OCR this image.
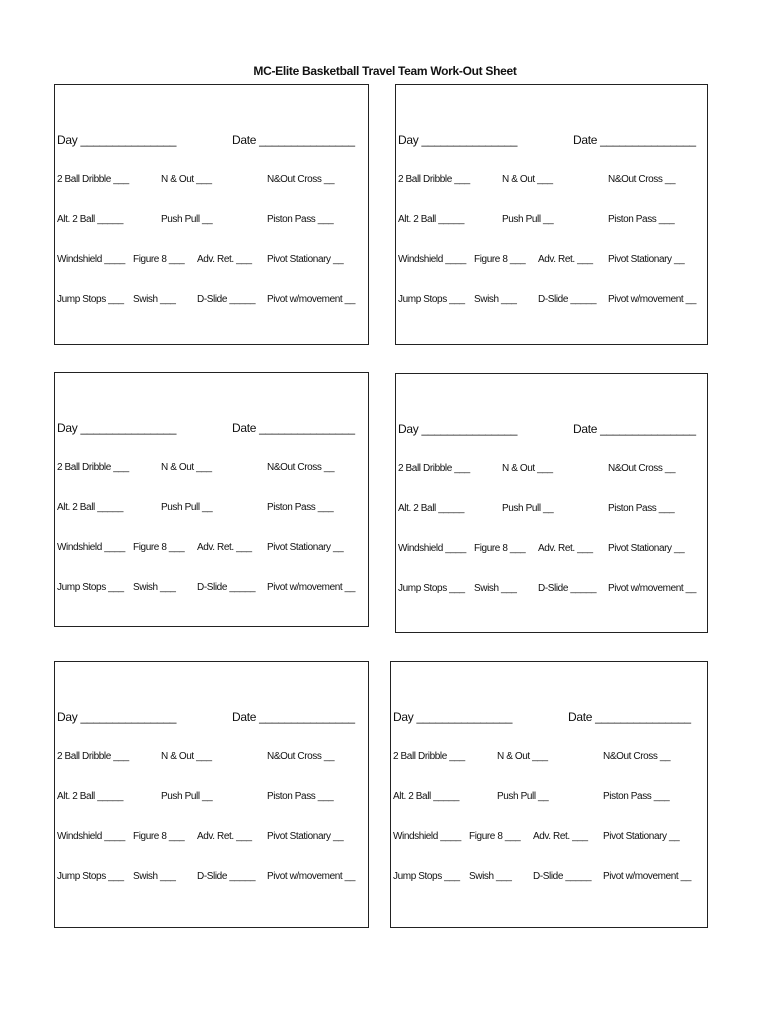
MC-Elite Basketball Travel Team Work-Out Sheet
Day _______________	Date _______________
2 Ball Dribble ___	N & Out ___	N&Out Cross __
Alt. 2 Ball _____	Push Pull __	Piston Pass ___
Windshield ____ Figure 8 ___ Adv. Ret. ___ Pivot Stationary __
Jump Stops ___ Swish ___ D-Slide _____ Pivot w/movement __
Day _______________	Date _______________
2 Ball Dribble ___	N & Out ___	N&Out Cross __
Alt. 2 Ball _____	Push Pull __	Piston Pass ___
Windshield ____ Figure 8 ___ Adv. Ret. ___ Pivot Stationary __
Jump Stops ___ Swish ___ D-Slide _____ Pivot w/movement __
Day _______________	Date _______________
2 Ball Dribble ___	N & Out ___	N&Out Cross __
Alt. 2 Ball _____	Push Pull __	Piston Pass ___
Windshield ____ Figure 8 ___ Adv. Ret. ___ Pivot Stationary __
Jump Stops ___ Swish ___ D-Slide _____ Pivot w/movement __
Day _______________	Date _______________
2 Ball Dribble ___	N & Out ___	N&Out Cross __
Alt. 2 Ball _____	Push Pull __	Piston Pass ___
Windshield ____ Figure 8 ___ Adv. Ret. ___ Pivot Stationary __
Jump Stops ___ Swish ___ D-Slide _____ Pivot w/movement __
Day _______________	Date _______________
2 Ball Dribble ___	N & Out ___	N&Out Cross __
Alt. 2 Ball _____	Push Pull __	Piston Pass ___
Windshield ____ Figure 8 ___ Adv. Ret. ___ Pivot Stationary __
Jump Stops ___ Swish ___ D-Slide _____ Pivot w/movement __
Day _______________	Date _______________
2 Ball Dribble ___	N & Out ___	N&Out Cross __
Alt. 2 Ball _____	Push Pull __	Piston Pass ___
Windshield ____ Figure 8 ___ Adv. Ret. ___ Pivot Stationary __
Jump Stops ___ Swish ___ D-Slide _____ Pivot w/movement __
